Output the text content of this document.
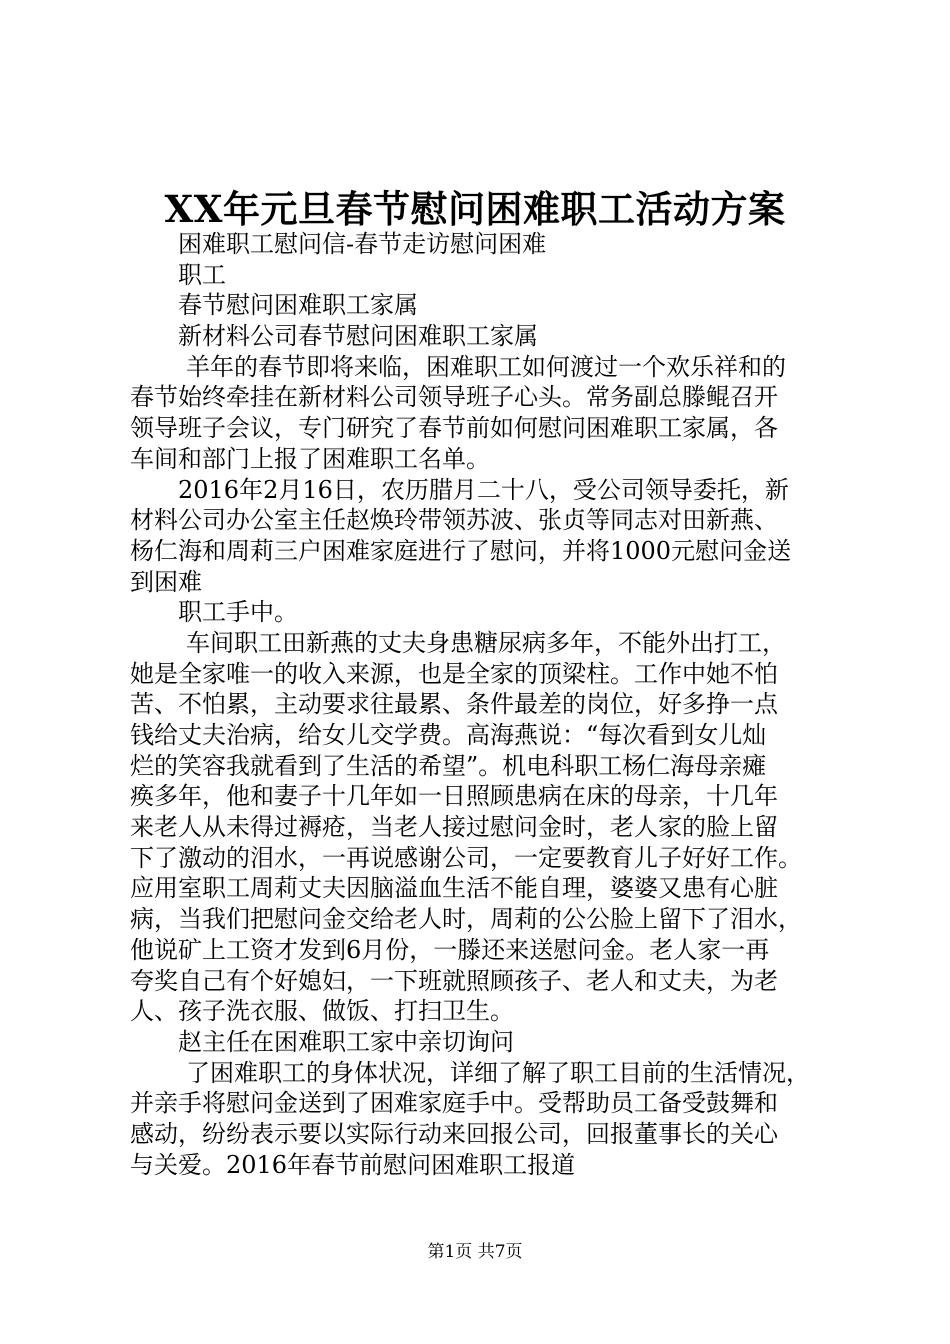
XX年元旦春节慰问困难职工活动方案
困难职工慰问信-春节走访慰问困难
职工
春节慰问困难职工家属
新材料公司春节慰问困难职工家属
羊年的春节即将来临，困难职工如何渡过一个欢乐祥和的
春节始终牵挂在新材料公司领导班子心头。常务副总滕鲲召开
领导班子会议，专门研究了春节前如何慰问困难职工家属，各
车间和部门上报了困难职工名单。
2016年2月16日，农历腊月二十八，受公司领导委托，新
材料公司办公室主任赵焕玲带领苏波、张贞等同志对田新燕、
杨仁海和周莉三户困难家庭进行了慰问，并将1000元慰问金送
到困难
职工手中。
车间职工田新燕的丈夫身患糖尿病多年，不能外出打工，
她是全家唯一的收入来源，也是全家的顶梁柱。工作中她不怕
苦、不怕累，主动要求往最累、条件最差的岗位，好多挣一点
钱给丈夫治病，给女儿交学费。高海燕说：“每次看到女儿灿
烂的笑容我就看到了生活的希望”。机电科职工杨仁海母亲瘫
痪多年，他和妻子十几年如一日照顾患病在床的母亲，十几年
来老人从未得过褥疮，当老人接过慰问金时，老人家的脸上留
下了激动的泪水，一再说感谢公司，一定要教育儿子好好工作。
应用室职工周莉丈夫因脑溢血生活不能自理，婆婆又患有心脏
病，当我们把慰问金交给老人时，周莉的公公脸上留下了泪水，
他说矿上工资才发到6月份，一滕还来送慰问金。老人家一再
夸奖自己有个好媳妇，一下班就照顾孩子、老人和丈夫，为老
人、孩子洗衣服、做饭、打扫卫生。
赵主任在困难职工家中亲切询问
了困难职工的身体状况，详细了解了职工目前的生活情况，
并亲手将慰问金送到了困难家庭手中。受帮助员工备受鼓舞和
感动，纷纷表示要以实际行动来回报公司，回报董事长的关心
与关爱。2016年春节前慰问困难职工报道
第1页 共7页
